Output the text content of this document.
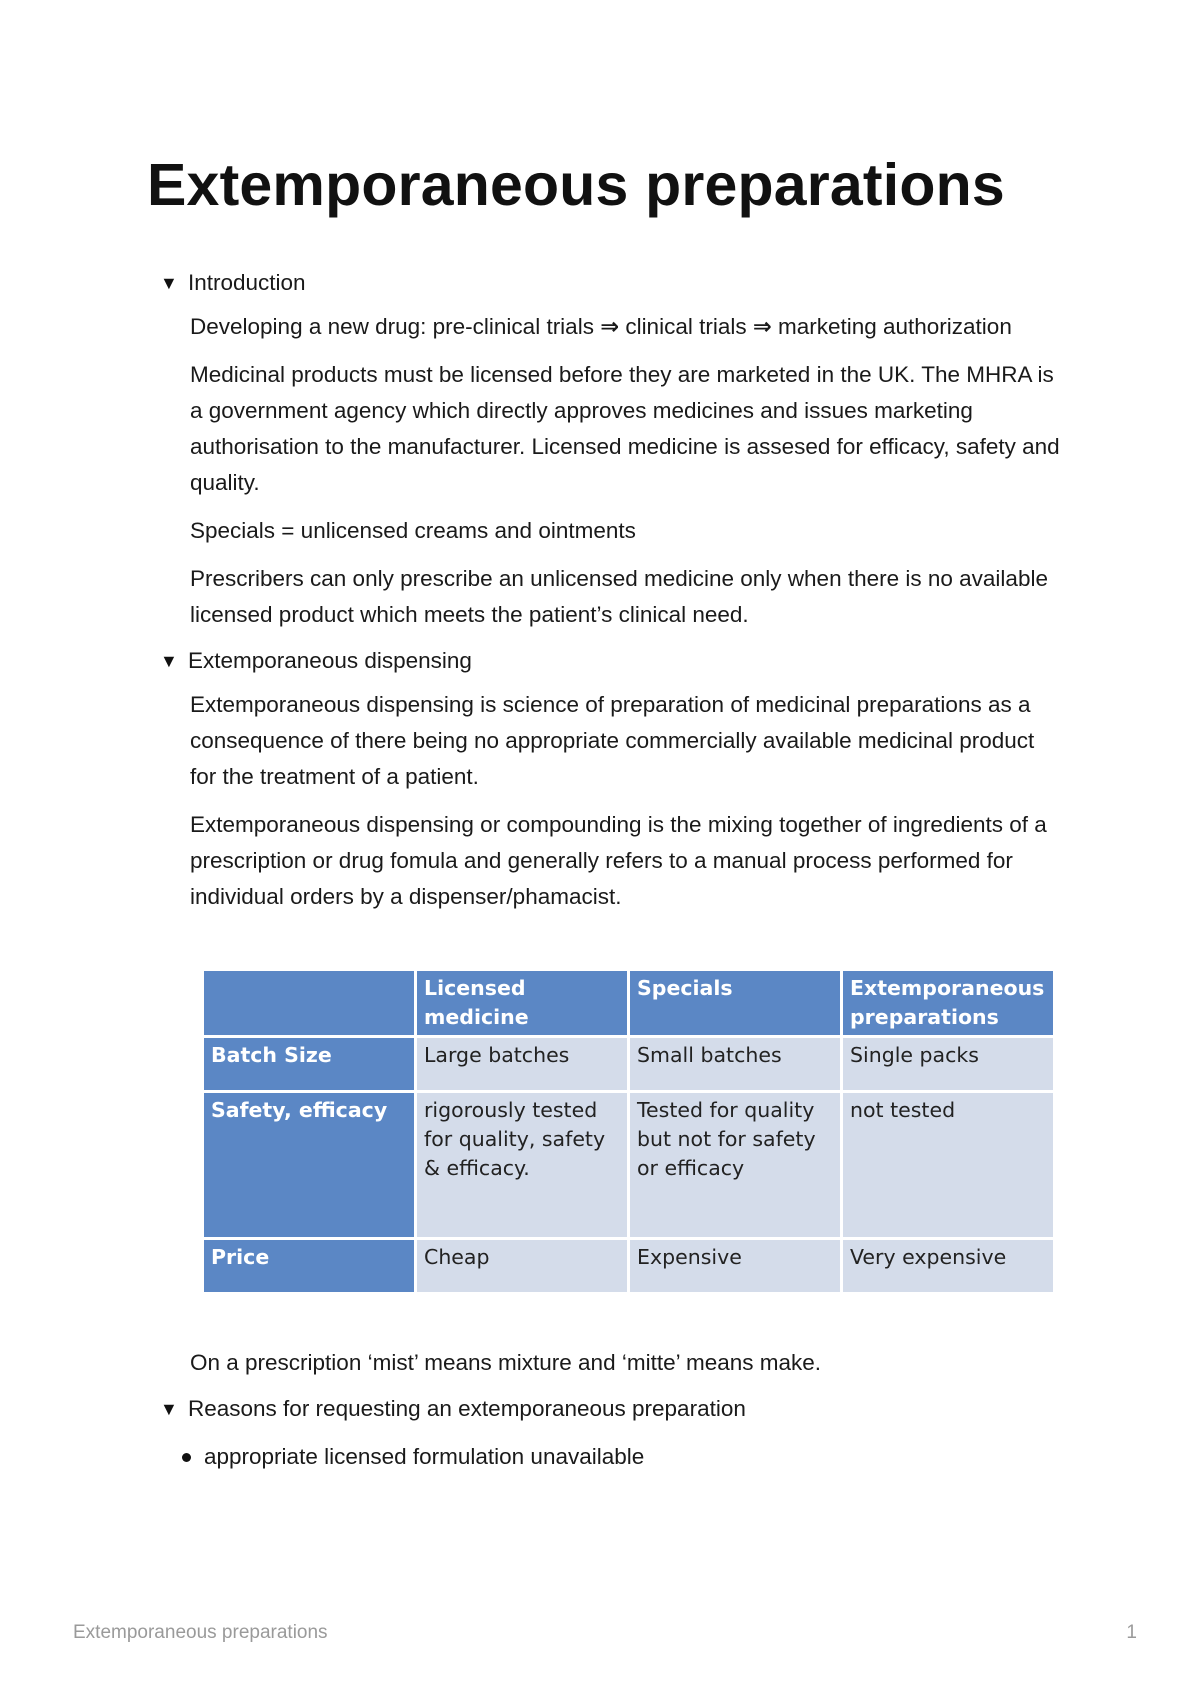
Extemporaneous preparations
▼
Introduction

Developing a new drug: pre-clinical trials ⇒ clinical trials ⇒ marketing authorization

Medicinal products must be licensed before they are marketed in the UK. The MHRA is a government agency which directly approves medicines and issues marketing authorisation to the manufacturer. Licensed medicine is assesed for efficacy, safety and quality.

Specials = unlicensed creams and ointments

Prescribers can only prescribe an unlicensed medicine only when there is no available licensed product which meets the patient’s clinical need.

▼
Extemporaneous dispensing

Extemporaneous dispensing is science of preparation of medicinal preparations as a consequence of there being no appropriate commercially available medicinal product for the treatment of a patient.

Extemporaneous dispensing or compounding is the mixing together of ingredients of a prescription or drug fomula and generally refers to a manual process performed for individual orders by a dispenser/phamacist.

	Licensed medicine	Specials	Extemporaneous preparations
Batch Size	Large batches	Small batches	Single packs
Safety, efficacy	rigorously tested for quality, safety & efficacy.	Tested for quality but not for safety or efficacy	not tested
Price	Cheap	Expensive	Very expensive

On a prescription ‘mist’ means mixture and ‘mitte’ means make.

▼
Reasons for requesting an extemporaneous preparation
appropriate licensed formulation unavailable
Extemporaneous preparations	1
